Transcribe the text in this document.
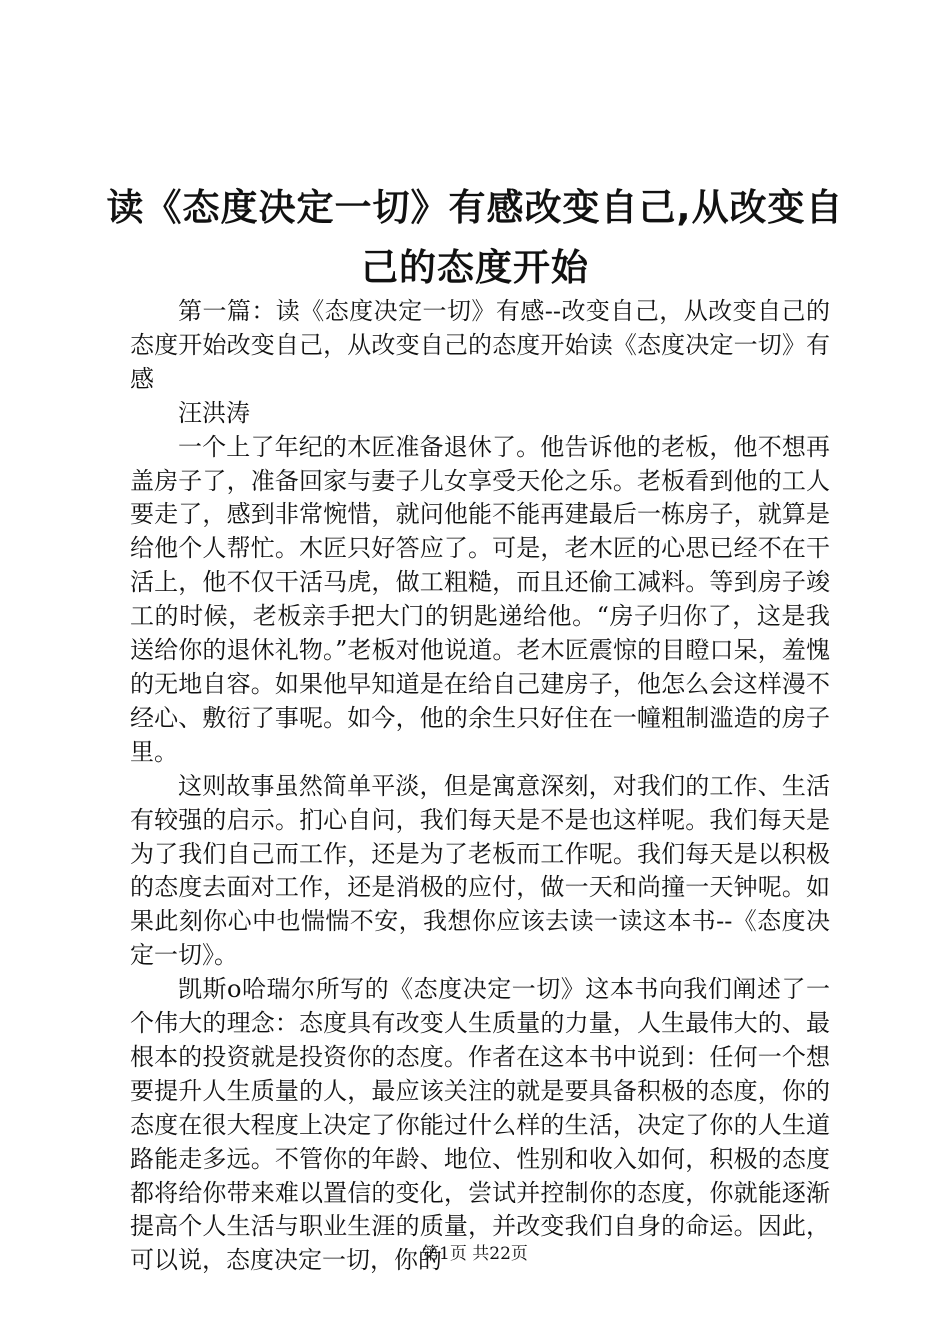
读《态度决定一切》有感改变自己,从改变自己的态度开始

第一篇：读《态度决定一切》有感--改变自己，从改变自己的态度开始改变自己，从改变自己的态度开始读《态度决定一切》有感

汪洪涛

一个上了年纪的木匠准备退休了。他告诉他的老板，他不想再盖房子了，准备回家与妻子儿女享受天伦之乐。老板看到他的工人要走了，感到非常惋惜，就问他能不能再建最后一栋房子，就算是给他个人帮忙。木匠只好答应了。可是，老木匠的心思已经不在干活上，他不仅干活马虎，做工粗糙，而且还偷工减料。等到房子竣工的时候，老板亲手把大门的钥匙递给他。“房子归你了，这是我送给你的退休礼物。”老板对他说道。老木匠震惊的目瞪口呆，羞愧的无地自容。如果他早知道是在给自己建房子，他怎么会这样漫不经心、敷衍了事呢。如今，他的余生只好住在一幢粗制滥造的房子里。

这则故事虽然简单平淡，但是寓意深刻，对我们的工作、生活有较强的启示。扪心自问，我们每天是不是也这样呢。我们每天是为了我们自己而工作，还是为了老板而工作呢。我们每天是以积极的态度去面对工作，还是消极的应付，做一天和尚撞一天钟呢。如果此刻你心中也惴惴不安，我想你应该去读一读这本书--《态度决定一切》。

凯斯o哈瑞尔所写的《态度决定一切》这本书向我们阐述了一个伟大的理念：态度具有改变人生质量的力量，人生最伟大的、最根本的投资就是投资你的态度。作者在这本书中说到：任何一个想要提升人生质量的人，最应该关注的就是要具备积极的态度，你的态度在很大程度上决定了你能过什么样的生活，决定了你的人生道路能走多远。不管你的年龄、地位、性别和收入如何，积极的态度都将给你带来难以置信的变化，尝试并控制你的态度，你就能逐渐提高个人生活与职业生涯的质量，并改变我们自身的命运。因此，可以说，态度决定一切，你的

第1页 共22页
